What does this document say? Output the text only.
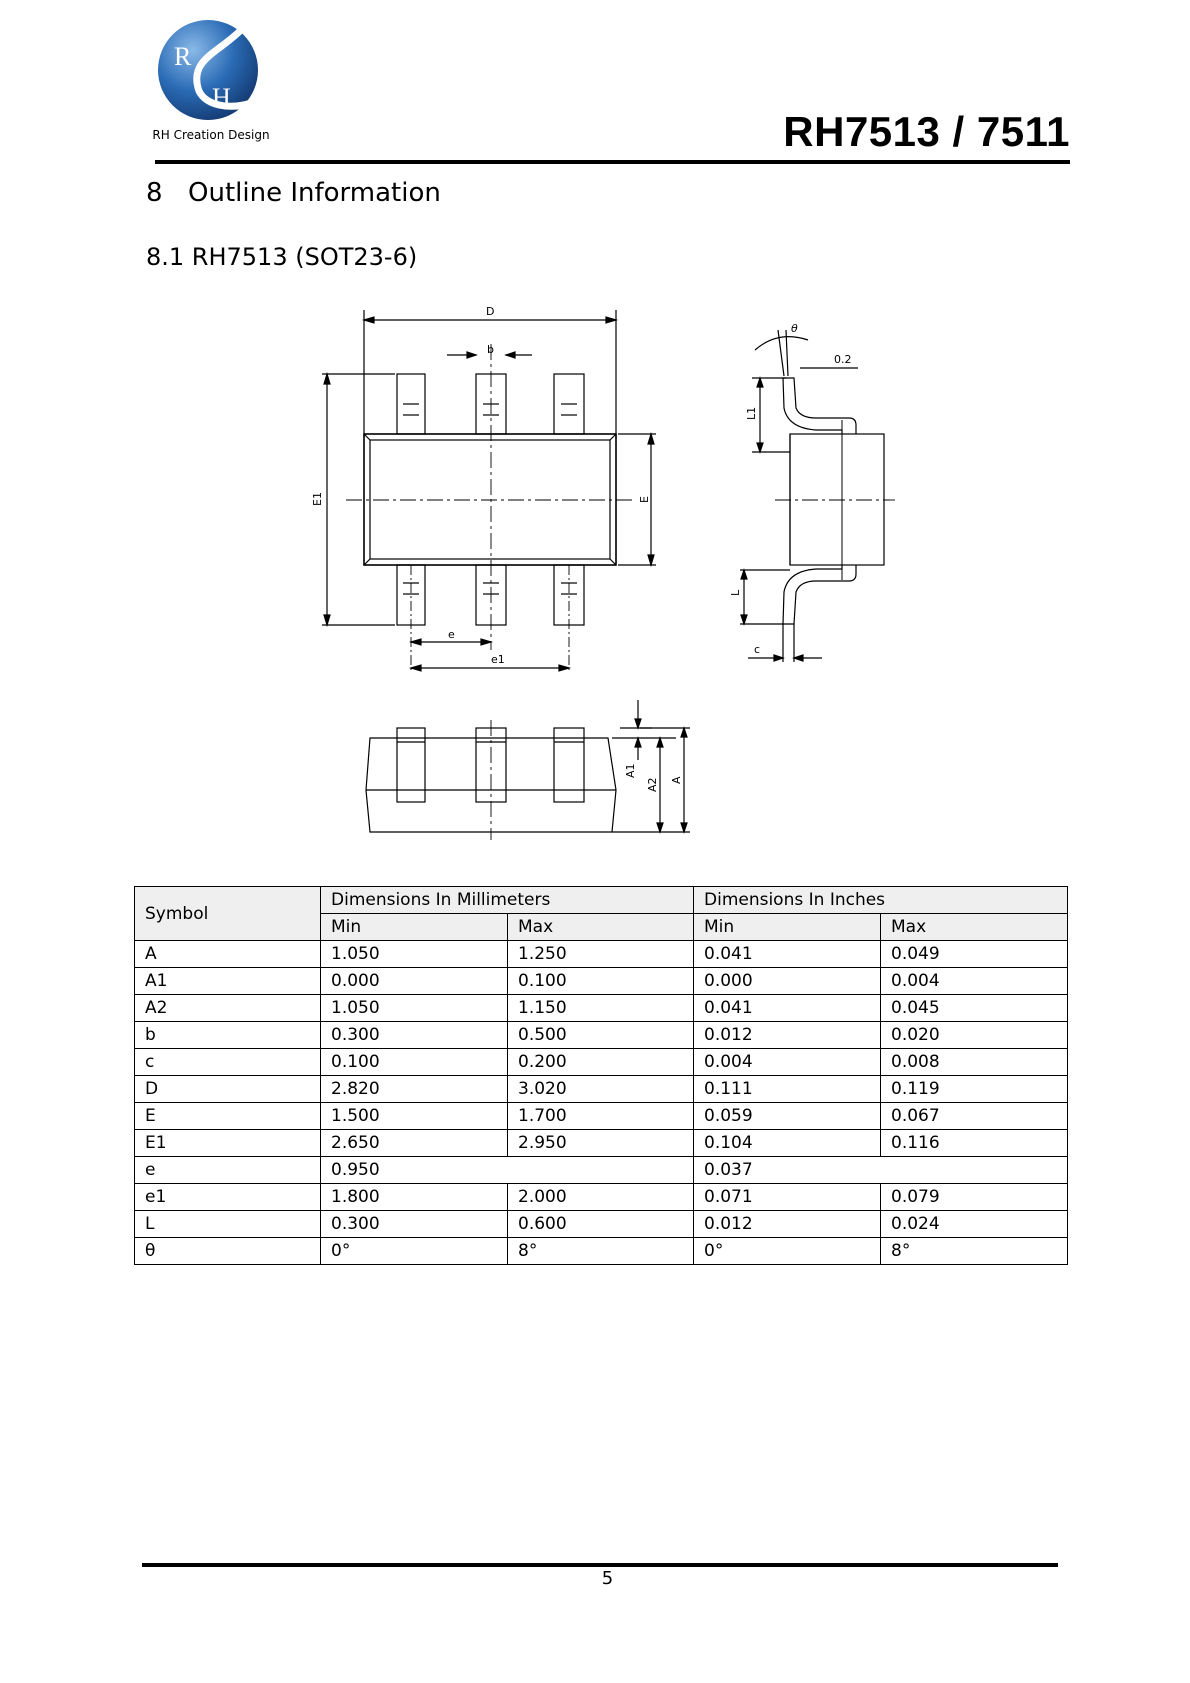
R
H
RH Creation Design	RH7513 / 7511
8 Outline Information
8.1 RH7513 (SOT23-6)
D
b
E1	E
e
e1
θ
0.2
L1
L
c
A1
A2 A
Symbol	Dimensions In Millimeters		Dimensions In Inches	
	Min	Max	Min	Max
A	1.050	1.250	0.041	0.049
A1	0.000	0.100	0.000	0.004
A2	1.050	1.150	0.041	0.045
b	0.300	0.500	0.012	0.020
c	0.100	0.200	0.004	0.008
D	2.820	3.020	0.111	0.119
E	1.500	1.700	0.059	0.067
E1	2.650	2.950	0.104	0.116
e	0.950		0.037	
e1	1.800	2.000	0.071	0.079
L	0.300	0.600	0.012	0.024
θ	0°	8°	0°	8°
5
